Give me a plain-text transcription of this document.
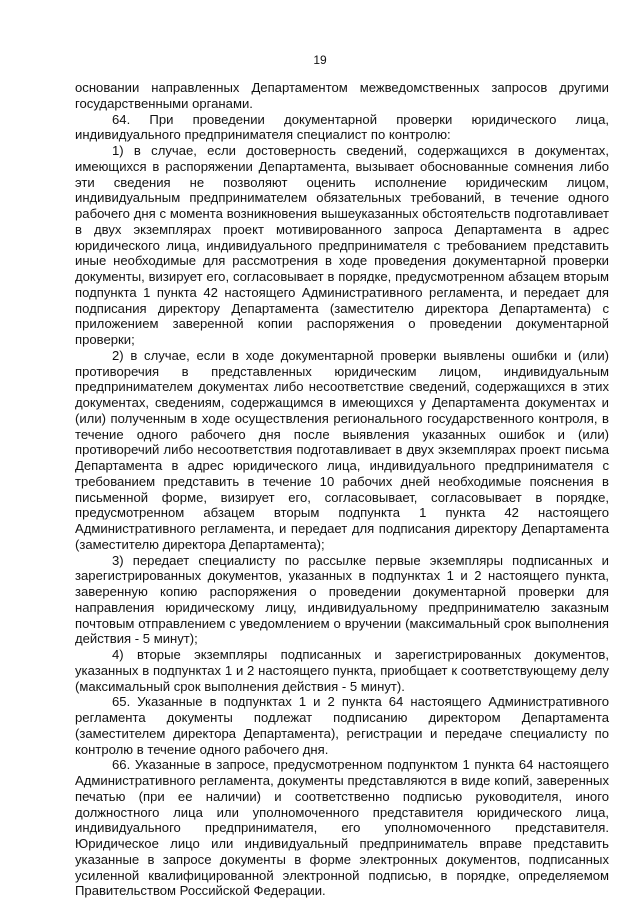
19

основании направленных Департаментом межведомственных запросов другими государственными органами.

64. При проведении документарной проверки юридического лица, индивидуального предпринимателя специалист по контролю:

1) в случае, если достоверность сведений, содержащихся в документах, имеющихся в распоряжении Департамента, вызывает обоснованные сомнения либо эти сведения не позволяют оценить исполнение юридическим лицом, индивидуальным предпринимателем обязательных требований, в течение одного рабочего дня с момента возникновения вышеуказанных обстоятельств подготавливает в двух экземплярах проект мотивированного запроса Департамента в адрес юридического лица, индивидуального предпринимателя с требованием представить иные необходимые для рассмотрения в ходе проведения документарной проверки документы, визирует его, согласовывает в порядке, предусмотренном абзацем вторым подпункта 1 пункта 42 настоящего Административного регламента, и передает для подписания директору Департамента (заместителю директора Департамента) с приложением заверенной копии распоряжения о проведении документарной проверки;

2) в случае, если в ходе документарной проверки выявлены ошибки и (или) противоречия в представленных юридическим лицом, индивидуальным предпринимателем документах либо несоответствие сведений, содержащихся в этих документах, сведениям, содержащимся в имеющихся у Департамента документах и (или) полученным в ходе осуществления регионального государственного контроля, в течение одного рабочего дня после выявления указанных ошибок и (или) противоречий либо несоответствия подготавливает в двух экземплярах проект письма Департамента в адрес юридического лица, индивидуального предпринимателя с требованием представить в течение 10 рабочих дней необходимые пояснения в письменной форме, визирует его, согласовывает, согласовывает в порядке, предусмотренном абзацем вторым подпункта 1 пункта 42 настоящего Административного регламента, и передает для подписания директору Департамента (заместителю директора Департамента);

3) передает специалисту по рассылке первые экземпляры подписанных и зарегистрированных документов, указанных в подпунктах 1 и 2 настоящего пункта, заверенную копию распоряжения о проведении документарной проверки для направления юридическому лицу, индивидуальному предпринимателю заказным почтовым отправлением с уведомлением о вручении (максимальный срок выполнения действия - 5 минут);

4) вторые экземпляры подписанных и зарегистрированных документов, указанных в подпунктах 1 и 2 настоящего пункта, приобщает к соответствующему делу (максимальный срок выполнения действия - 5 минут).

65. Указанные в подпунктах 1 и 2 пункта 64 настоящего Административного регламента документы подлежат подписанию директором Департамента (заместителем директора Департамента), регистрации и передаче специалисту по контролю в течение одного рабочего дня.

66. Указанные в запросе, предусмотренном подпунктом 1 пункта 64 настоящего Административного регламента, документы представляются в виде копий, заверенных печатью (при ее наличии) и соответственно подписью руководителя, иного должностного лица или уполномоченного представителя юридического лица, индивидуального предпринимателя, его уполномоченного представителя. Юридическое лицо или индивидуальный предприниматель вправе представить указанные в запросе документы в форме электронных документов, подписанных усиленной квалифицированной электронной подписью, в порядке, определяемом Правительством Российской Федерации.
